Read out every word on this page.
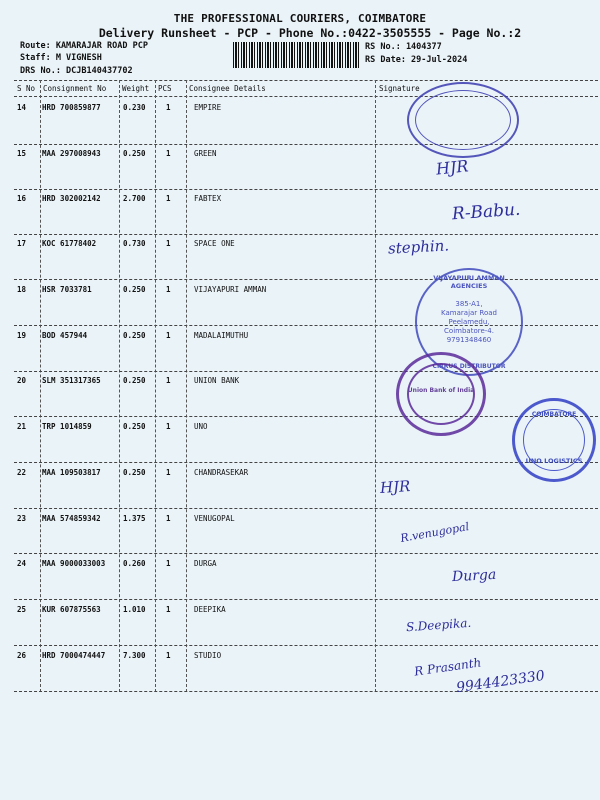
THE PROFESSIONAL COURIERS, COIMBATORE
Delivery Runsheet - PCP - Phone No.:0422-3505555 - Page No.:2
Route: KAMARAJAR ROAD PCP
Staff: M VIGNESH
DRS No.: DCJB140437702
RS No.: 1404377
RS Date: 29-Jul-2024
S No Consignment No Weight PCS Consignee Details	Signature
14 HRD 700859877	0.230	1	EMPIRE
15 MAA 297008943	0.250	1	GREEN
16 HRD 302002142	2.700	1	FABTEX
17 KOC 61778402	0.730	1	SPACE ONE
18 HSR 7033781	0.250	1	VIJAYAPURI AMMAN
19 BOD 457944	0.250	1	MADALAIMUTHU
20 SLM 351317365	0.250	1	UNION BANK
21 TRP 1014859	0.250	1	UNO
22 MAA 109503817	0.250	1	CHANDRASEKAR
23 MAA 574859342	1.375	1	VENUGOPAL
24 MAA 9000033003 0.260	1	DURGA
25 KUR 607875563	1.010	1	DEEPIKA
26 HRD 7000474447 7.300	1	STUDIO
VIJAYAPURI AMMAN AGENCIES
385-A1,
Kamarajar Road
Peelamedu,
Coimbatore-4.
9791348460
CIRRUS DISTRIBUTOR
Union Bank of India
COIMBATORE
UNO LOGISTICS
HJR
R-Babu.
stephin.
HJR
R.venugopal
Durga
S.Deepika.
R Prasanth
9944423330
